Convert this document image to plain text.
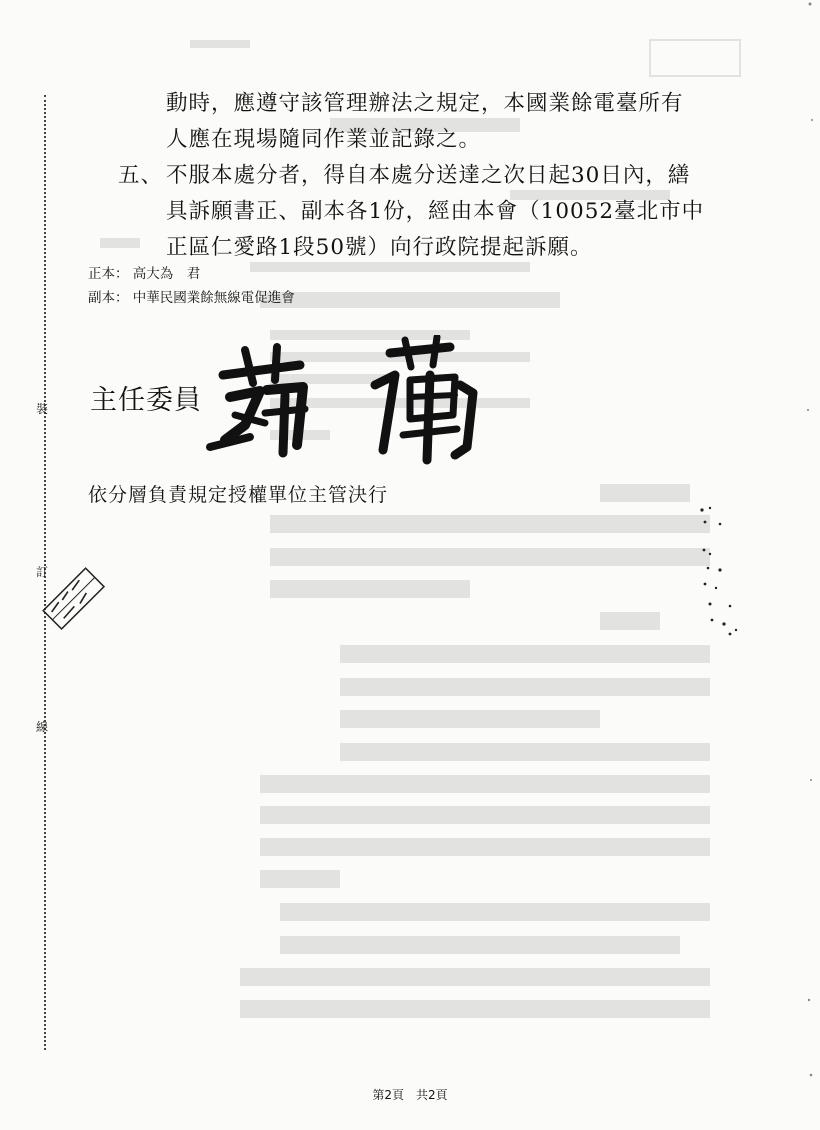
裝
訂
線
動時，應遵守該管理辦法之規定，本國業餘電臺所有
人應在現場隨同作業並記錄之。
五、 不服本處分者，得自本處分送達之次日起30日內，繕
具訴願書正、副本各1份，經由本會（10052臺北市中
正區仁愛路1段50號）向行政院提起訴願。
正本： 高大為　君
副本： 中華民國業餘無線電促進會
主任委員
依分層負責規定授權單位主管決行
第2頁　共2頁
